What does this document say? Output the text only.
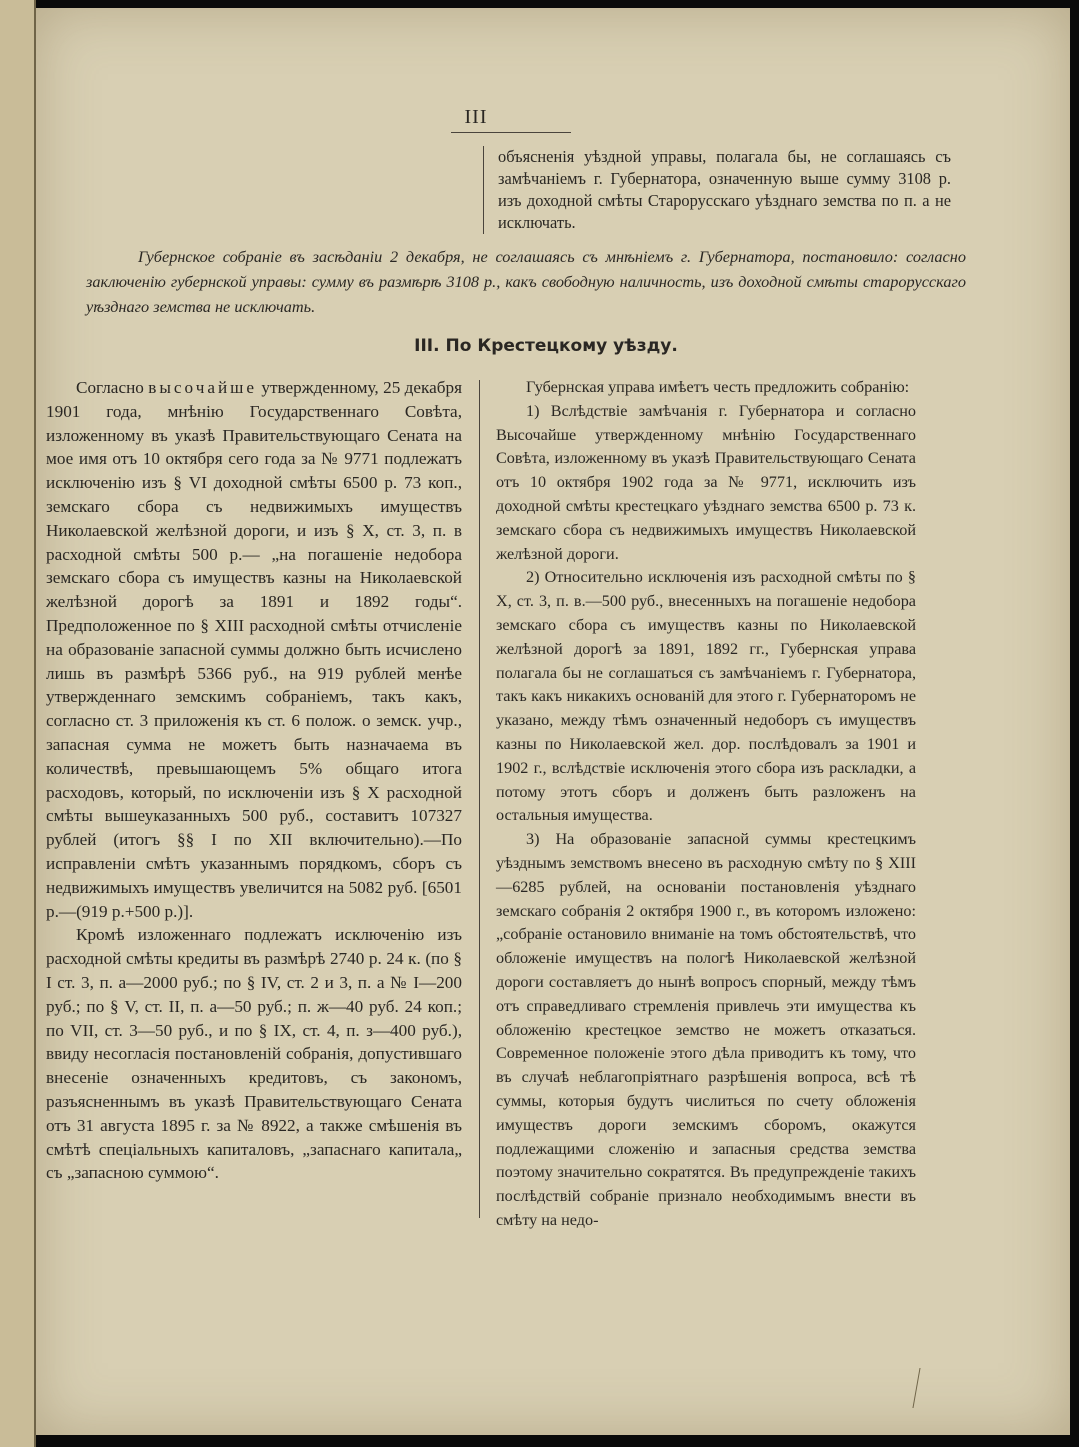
III
объясненія уѣздной управы, полагала бы, не соглашаясь съ замѣчаніемъ г. Губернатора, означенную выше сумму 3108 р. изъ доходной смѣты Старорусскаго уѣзднаго земства по п. а не исключать.
Губернское собраніе въ засѣданіи 2 декабря, не соглашаясь съ мнѣніемъ г. Губернатора, постановило: согласно заключенію губернской управы: сумму въ размѣрѣ 3108 р., какъ свободную наличность, изъ доходной смѣты старорусскаго уѣзднаго земства не исключать.
III. По Крестецкому уѣзду.

Согласно высочайше утвержденному, 25 декабря 1901 года, мнѣнію Государственнаго Совѣта, изложенному въ указѣ Правительствующаго Сената на мое имя отъ 10 октября сего года за № 9771 подлежатъ исключенію изъ § VI доходной смѣты 6500 р. 73 коп., земскаго сбора съ недвижимыхъ имуществъ Николаевской желѣзной дороги, и изъ § X, ст. 3, п. в расходной смѣты 500 р.— „на погашеніе недобора земскаго сбора съ имуществъ казны на Николаевской желѣзной дорогѣ за 1891 и 1892 годы“. Предположенное по § XIII расходной смѣты отчисленіе на образованіе запасной суммы должно быть исчислено лишь въ размѣрѣ 5366 руб., на 919 рублей менѣе утвержденнаго земскимъ собраніемъ, такъ какъ, согласно ст. 3 приложенія къ ст. 6 полож. о земск. учр., запасная сумма не можетъ быть назначаема въ количествѣ, превышающемъ 5% общаго итога расходовъ, который, по исключеніи изъ § X расходной смѣты вышеуказанныхъ 500 руб., составитъ 107327 рублей (итогъ §§ I по XII включительно).—По исправленіи смѣтъ указаннымъ порядкомъ, сборъ съ недвижимыхъ имуществъ увеличится на 5082 руб. [6501 р.—(919 р.+500 р.)].

Кромѣ изложеннаго подлежатъ исключенію изъ расходной смѣты кредиты въ размѣрѣ 2740 р. 24 к. (по § I ст. 3, п. а—2000 руб.; по § IV, ст. 2 и 3, п. а № I—200 руб.; по § V, ст. II, п. а—50 руб.; п. ж—40 руб. 24 коп.; по VII, ст. 3—50 руб., и по § IX, ст. 4, п. з—400 руб.), ввиду несогласія постановленій собранія, допустившаго внесеніе означенныхъ кредитовъ, съ закономъ, разъясненнымъ въ указѣ Правительствующаго Сената отъ 31 августа 1895 г. за № 8922, а также смѣшенія въ смѣтѣ спеціальныхъ капиталовъ, „запаснаго капитала„ съ „запасною суммою“.

Губернская управа имѣетъ честь предложить собранію:

1) Вслѣдствіе замѣчанія г. Губернатора и согласно Высочайше утвержденному мнѣнію Государственнаго Совѣта, изложенному въ указѣ Правительствующаго Сената отъ 10 октября 1902 года за № 9771, исключить изъ доходной смѣты крестецкаго уѣзднаго земства 6500 р. 73 к. земскаго сбора съ недвижимыхъ имуществъ Николаевской желѣзной дороги.

2) Относительно исключенія изъ расходной смѣты по § X, ст. 3, п. в.—500 руб., внесенныхъ на погашеніе недобора земскаго сбора съ имуществъ казны по Николаевской желѣзной дорогѣ за 1891, 1892 гг., Губернская управа полагала бы не соглашаться съ замѣчаніемъ г. Губернатора, такъ какъ никакихъ основаній для этого г. Губернаторомъ не указано, между тѣмъ означенный недоборъ съ имуществъ казны по Николаевской жел. дор. послѣдовалъ за 1901 и 1902 г., вслѣдствіе исключенія этого сбора изъ раскладки, а потому этотъ сборъ и долженъ быть разложенъ на остальныя имущества.

3) На образованіе запасной суммы крестецкимъ уѣзднымъ земствомъ внесено въ расходную смѣту по § XIII—6285 рублей, на основаніи постановленія уѣзднаго земскаго собранія 2 октября 1900 г., въ которомъ изложено: „собраніе остановило вниманіе на томъ обстоятельствѣ, что обложеніе имуществъ на пологѣ Николаевской желѣзной дороги составляетъ до нынѣ вопросъ спорный, между тѣмъ отъ справедливаго стремленія привлечь эти имущества къ обложенію крестецкое земство не можетъ отказаться. Современное положеніе этого дѣла приводитъ къ тому, что въ случаѣ неблагопріятнаго разрѣшенія вопроса, всѣ тѣ суммы, которыя будутъ числиться по счету обложенія имуществъ дороги земскимъ сборомъ, окажутся подлежащими сложенію и запасныя средства земства поэтому значительно сократятся. Въ предупрежденіе такихъ послѣдствій собраніе признало необходимымъ внести въ смѣту на недо-
